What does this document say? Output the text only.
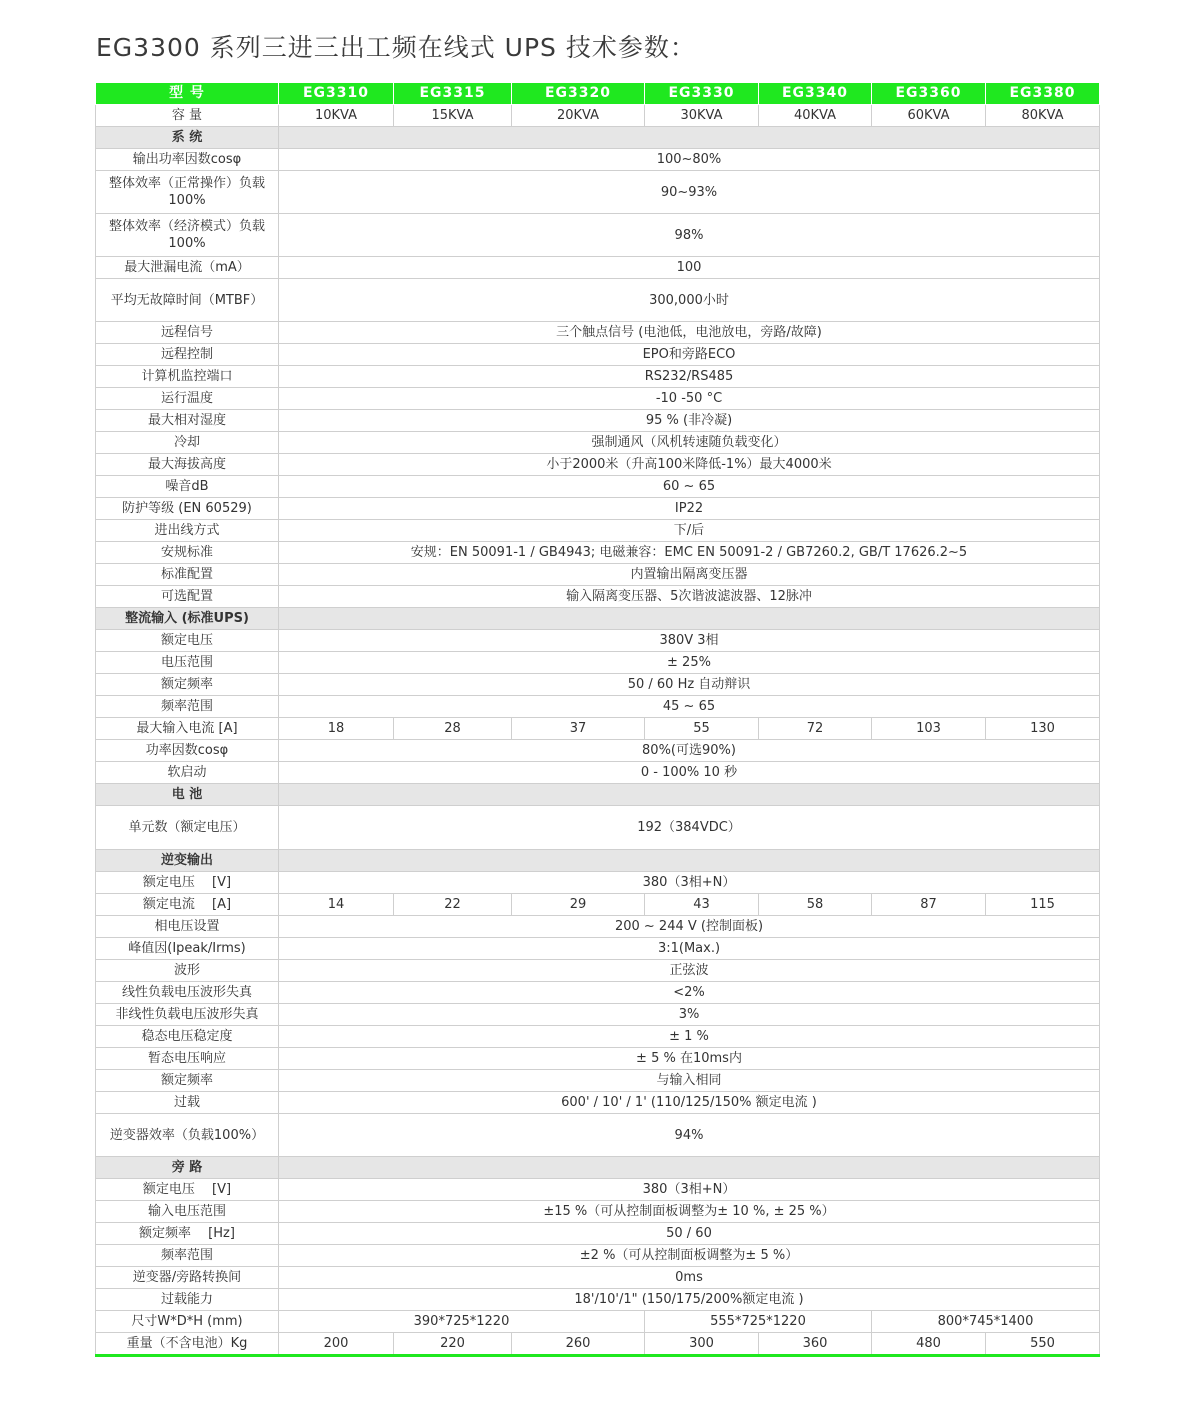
EG3300 系列三进三出工频在线式 UPS 技术参数：
型 号	EG3310	EG3315	EG3320	EG3330	EG3340	EG3360	EG3380
容 量	10KVA	15KVA	20KVA	30KVA	40KVA	60KVA	80KVA
系 统							
输出功率因数cosφ	100~80%						
整体效率（正常操作）负载 100%	90~93%						
整体效率（经济模式）负载 100%	98%						
最大泄漏电流（mA）	100						
平均无故障时间（MTBF）	300,000小时						
远程信号	三个触点信号 (电池低，电池放电，旁路/故障)						
远程控制	EPO和旁路ECO						
计算机监控端口	RS232/RS485						
运行温度	-10 -50 °C						
最大相对湿度	95 % (非冷凝)						
冷却	强制通风（风机转速随负载变化）						
最大海拔高度	小于2000米（升高100米降低-1%）最大4000米						
噪音dB	60 ~ 65						
防护等级 (EN 60529)	IP22						
进出线方式	下/后						
安规标准	安规：EN 50091-1 / GB4943; 电磁兼容：EMC EN 50091-2 / GB7260.2, GB/T 17626.2~5						
标准配置	内置输出隔离变压器						
可选配置	输入隔离变压器、5次谐波滤波器、12脉冲						
整流输入 (标准UPS)							
额定电压	380V 3相						
电压范围	± 25%						
额定频率	50 / 60 Hz 自动辩识						
频率范围	45 ~ 65						
最大输入电流 [A]	18	28	37	55	72	103	130
功率因数cosφ	80%(可选90%)						
软启动	0 - 100% 10 秒						
电 池							
单元数（额定电压）	192（384VDC）						
逆变输出							
额定电压　 [V]	380（3相+N）						
额定电流　 [A]	14	22	29	43	58	87	115
相电压设置	200 ~ 244 V (控制面板)						
峰值因(Ipeak/Irms)	3:1(Max.)						
波形	正弦波						
线性负载电压波形失真	<2%						
非线性负载电压波形失真	3%						
稳态电压稳定度	± 1 %						
暂态电压响应	± 5 % 在10ms内						
额定频率	与输入相同						
过载	600' / 10' / 1' (110/125/150% 额定电流 )						
逆变器效率（负载100%）	94%						
旁 路							
额定电压　 [V]	380（3相+N）						
输入电压范围	±15 %（可从控制面板调整为± 10 %, ± 25 %）						
额定频率　 [Hz]	50 / 60						
频率范围	±2 %（可从控制面板调整为± 5 %）						
逆变器/旁路转换间	0ms						
过载能力	18'/10'/1" (150/175/200%额定电流 )						
尺寸W*D*H (mm)	390*725*1220			555*725*1220		800*745*1400	
重量（不含电池）Kg	200	220	260	300	360	480	550
